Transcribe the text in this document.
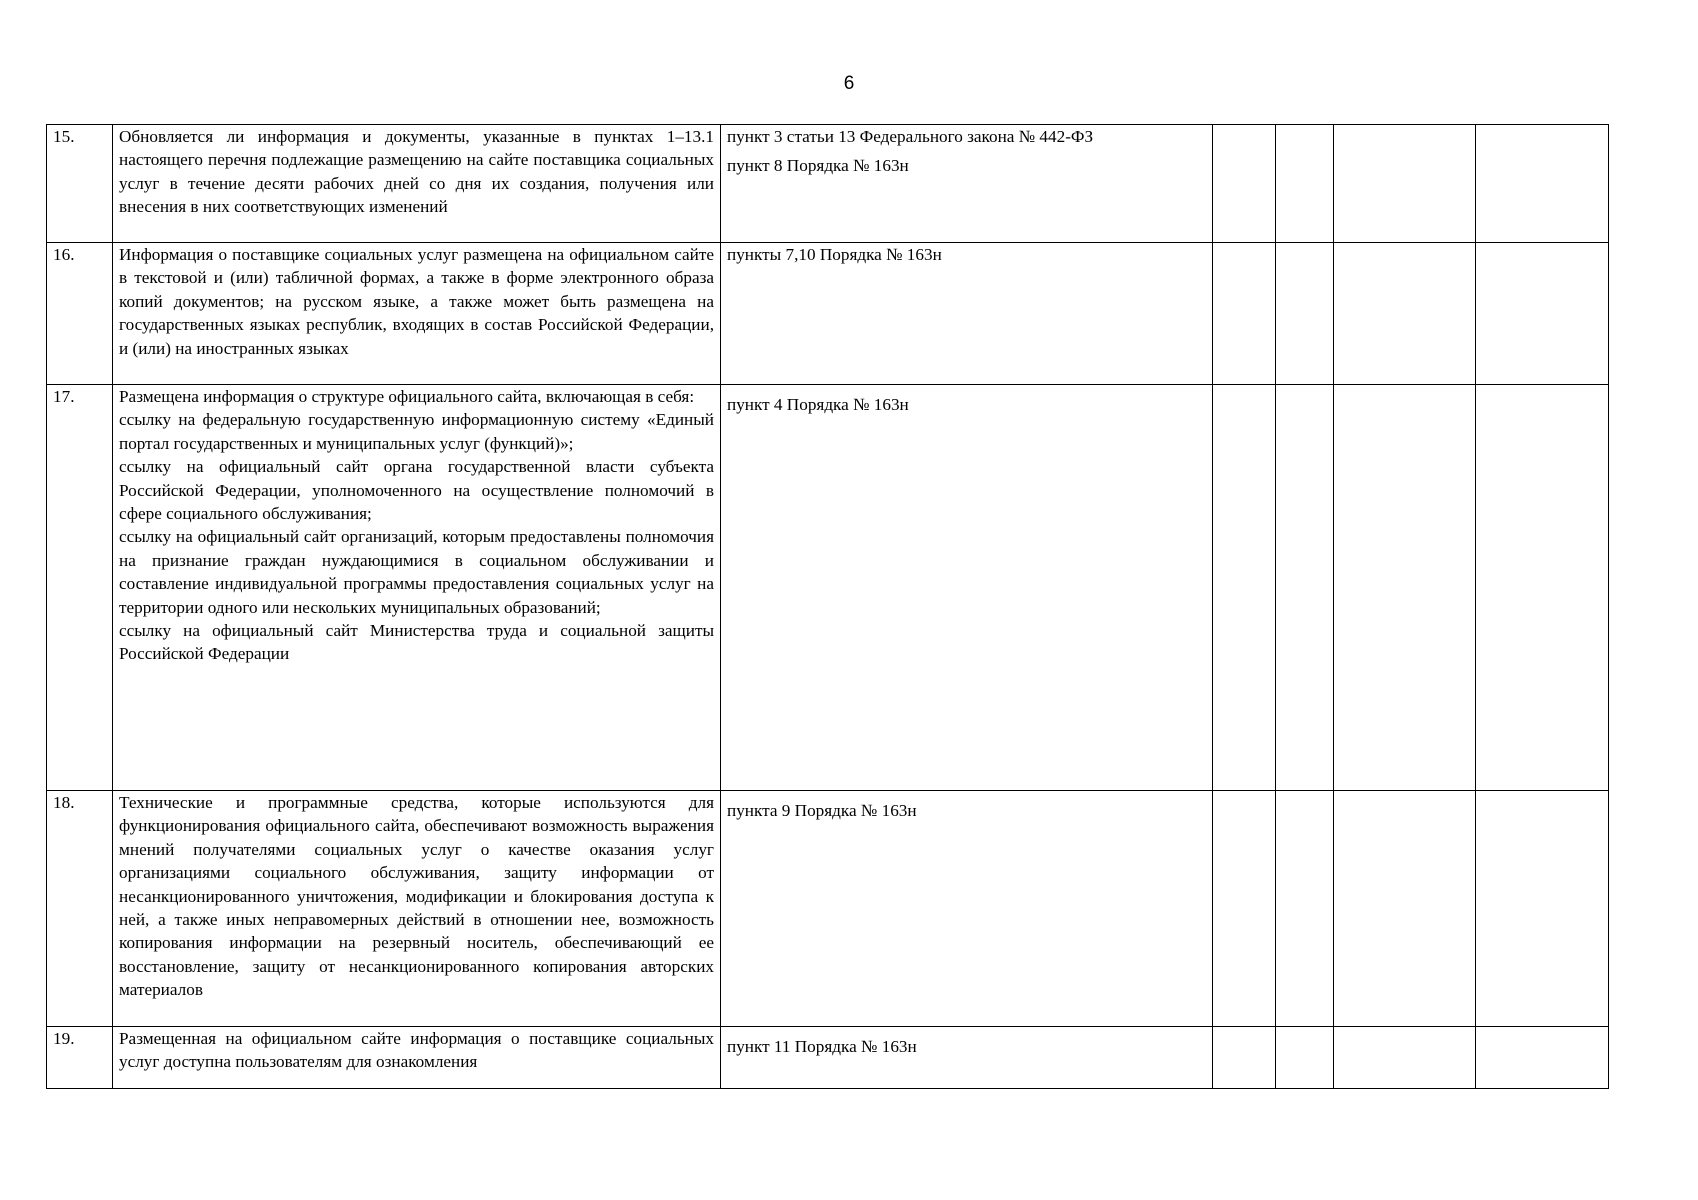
6
15.	Обновляется ли информация и документы, указанные в пунктах 1–13.1 настоящего перечня подлежащие размещению на сайте поставщика социальных услуг в течение десяти рабочих дней со дня их создания, получения или внесения в них соответствующих изменений	пункт 3 статьи 13 Федерального закона № 442-ФЗ
пункт 8 Порядка № 163н				

16.	Информация о поставщике социальных услуг размещена на официальном сайте в текстовой и (или) табличной формах, а также в форме электронного образа копий документов; на русском языке, а также может быть размещена на государственных языках республик, входящих в состав Российской Федерации, и (или) на иностранных языках	пункты 7,10 Порядка № 163н				

17.	Размещена информация о структуре официального сайта, включающая в себя:
ссылку на федеральную государственную информационную систему «Единый портал государственных и муниципальных услуг (функций)»;
ссылку на официальный сайт органа государственной власти субъекта Российской Федерации, уполномоченного на осуществление полномочий в сфере социального обслуживания;
ссылку на официальный сайт организаций, которым предоставлены полномочия на признание граждан нуждающимися в социальном обслуживании и составление индивидуальной программы предоставления социальных услуг на территории одного или нескольких муниципальных образований;
ссылку на официальный сайт Министерства труда и социальной защиты Российской Федерации	пункт 4 Порядка № 163н				

18.	Технические и программные средства, которые используются для функционирования официального сайта, обеспечивают возможность выражения мнений получателями социальных услуг о качестве оказания услуг организациями социального обслуживания, защиту информации от несанкционированного уничтожения, модификации и блокирования доступа к ней, а также иных неправомерных действий в отношении нее, возможность копирования информации на резервный носитель, обеспечивающий ее восстановление, защиту от несанкционированного копирования авторских материалов	пункта 9 Порядка № 163н				

19.	Размещенная на официальном сайте информация о поставщике социальных услуг доступна пользователям для ознакомления	пункт 11 Порядка № 163н				
